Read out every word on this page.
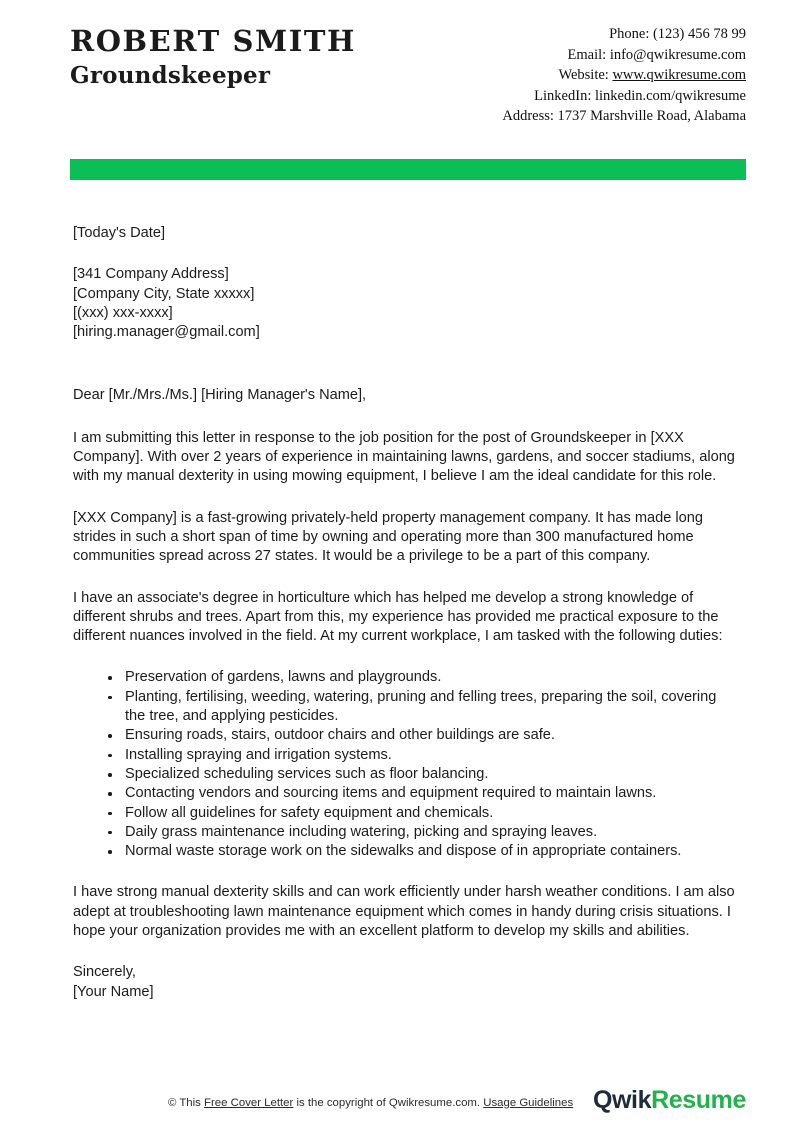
ROBERT SMITH
Groundskeeper
Phone: (123) 456 78 99
Email: info@qwikresume.com
Website: www.qwikresume.com
LinkedIn: linkedin.com/qwikresume
Address: 1737 Marshville Road, Alabama

[Today's Date]

[341 Company Address]
[Company City, State xxxxx]
[(xxx) xxx-xxxx]
[hiring.manager@gmail.com]

Dear [Mr./Mrs./Ms.] [Hiring Manager's Name],

I am submitting this letter in response to the job position for the post of Groundskeeper in [XXX Company]. With over 2 years of experience in maintaining lawns, gardens, and soccer stadiums, along with my manual dexterity in using mowing equipment, I believe I am the ideal candidate for this role.

[XXX Company] is a fast-growing privately-held property management company. It has made long strides in such a short span of time by owning and operating more than 300 manufactured home communities spread across 27 states. It would be a privilege to be a part of this company.

I have an associate's degree in horticulture which has helped me develop a strong knowledge of different shrubs and trees. Apart from this, my experience has provided me practical exposure to the different nuances involved in the field. At my current workplace, I am tasked with the following duties:

Preservation of gardens, lawns and playgrounds.
Planting, fertilising, weeding, watering, pruning and felling trees, preparing the soil, covering the tree, and applying pesticides.
Ensuring roads, stairs, outdoor chairs and other buildings are safe.
Installing spraying and irrigation systems.
Specialized scheduling services such as floor balancing.
Contacting vendors and sourcing items and equipment required to maintain lawns.
Follow all guidelines for safety equipment and chemicals.
Daily grass maintenance including watering, picking and spraying leaves.
Normal waste storage work on the sidewalks and dispose of in appropriate containers.

I have strong manual dexterity skills and can work efficiently under harsh weather conditions. I am also adept at troubleshooting lawn maintenance equipment which comes in handy during crisis situations. I hope your organization provides me with an excellent platform to develop my skills and abilities.

Sincerely,
[Your Name]
© This Free Cover Letter is the copyright of Qwikresume.com. Usage Guidelines QwikResume
